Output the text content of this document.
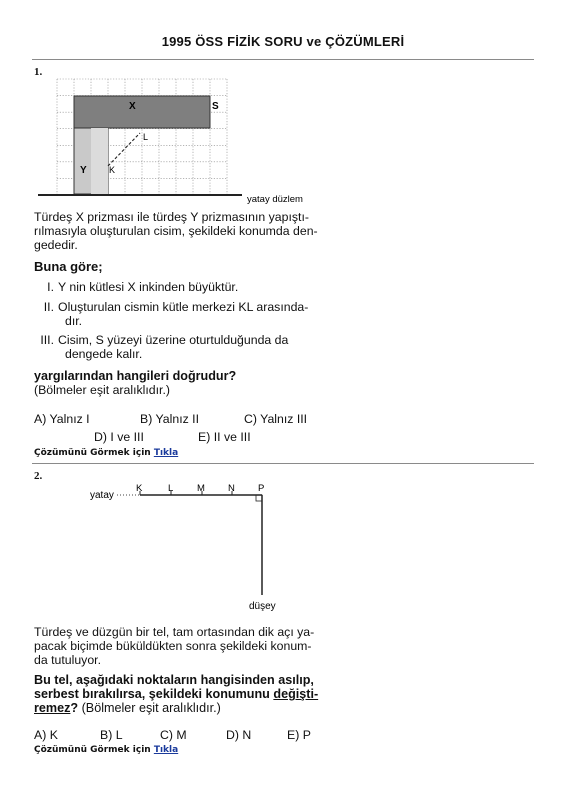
1995 ÖSS FİZİK SORU ve ÇÖZÜMLERİ
1.
X	S
L
Y K
yatay düzlem
Türdeş X prizması ile türdeş Y prizmasının yapıştı-
rılmasıyla oluşturulan cisim, şekildeki konumda den-
gededir.
Buna göre;
I. Y nin kütlesi X inkinden büyüktür.
II. Oluşturulan cismin kütle merkezi KL arasında-
dır.
III. Cisim, S yüzeyi üzerine oturtulduğunda da
dengede kalır.
yargılarından hangileri doğrudur?
(Bölmeler eşit aralıklıdır.)
A) Yalnız I	B) Yalnız II	C) Yalnız III
D) I ve III	E) II ve III
Çözümünü Görmek için Tıkla
2.
yatay
K	L M N P
düşey
Türdeş ve düzgün bir tel, tam ortasından dik açı ya-
pacak biçimde büküldükten sonra şekildeki konum-
da tutuluyor.
Bu tel, aşağıdaki noktaların hangisinden asılıp,
serbest bırakılırsa, şekildeki konumunu değişti-
remez? (Bölmeler eşit aralıklıdır.)
A) K	B) L	C) M	D) N	E) P
Çözümünü Görmek için Tıkla
